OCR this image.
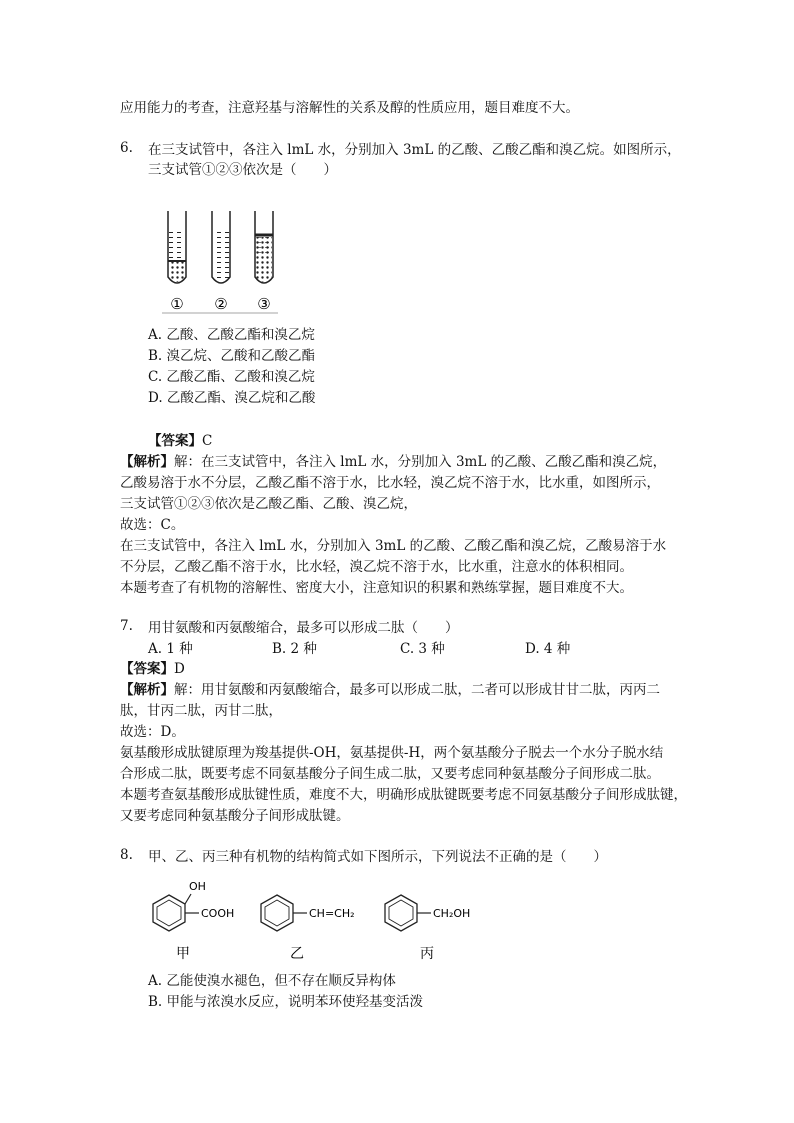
应用能力的考查，注意羟基与溶解性的关系及醇的性质应用，题目难度不大。
6. 在三支试管中，各注入 lmL 水，分别加入 3mL 的乙酸、乙酸乙酯和溴乙烷。如图所示，
三支试管①②③依次是（　　）
① ② ③
A. 乙酸、乙酸乙酯和溴乙烷
B. 溴乙烷、乙酸和乙酸乙酯
C. 乙酸乙酯、乙酸和溴乙烷
D. 乙酸乙酯、溴乙烷和乙酸
【答案】C
【解析】解：在三支试管中，各注入 lmL 水，分别加入 3mL 的乙酸、乙酸乙酯和溴乙烷，
乙酸易溶于水不分层，乙酸乙酯不溶于水，比水轻，溴乙烷不溶于水，比水重，如图所示，
三支试管①②③依次是乙酸乙酯、乙酸、溴乙烷，
故选：C。
在三支试管中，各注入 lmL 水，分别加入 3mL 的乙酸、乙酸乙酯和溴乙烷，乙酸易溶于水
不分层，乙酸乙酯不溶于水，比水轻，溴乙烷不溶于水，比水重，注意水的体积相同。
本题考查了有机物的溶解性、密度大小，注意知识的积累和熟练掌握，题目难度不大。
7. 用甘氨酸和丙氨酸缩合，最多可以形成二肽（　　）
A. 1 种	B. 2 种	C. 3 种	D. 4 种
【答案】D
【解析】解：用甘氨酸和丙氨酸缩合，最多可以形成二肽，二者可以形成甘甘二肽，丙丙二
肽，甘丙二肽，丙甘二肽，
故选：D。
氨基酸形成肽键原理为羧基提供-OH，氨基提供-H，两个氨基酸分子脱去一个水分子脱水结
合形成二肽，既要考虑不同氨基酸分子间生成二肽，又要考虑同种氨基酸分子间形成二肽。
本题考查氨基酸形成肽键性质，难度不大，明确形成肽键既要考虑不同氨基酸分子间形成肽键，
又要考虑同种氨基酸分子间形成肽键。
8. 甲、乙、丙三种有机物的结构简式如下图所示，下列说法不正确的是（　　）
OH
COOH
甲
CH=CH₂
乙
CH₂OH
丙
A. 乙能使溴水褪色，但不存在顺反异构体
B. 甲能与浓溴水反应，说明苯环使羟基变活泼
